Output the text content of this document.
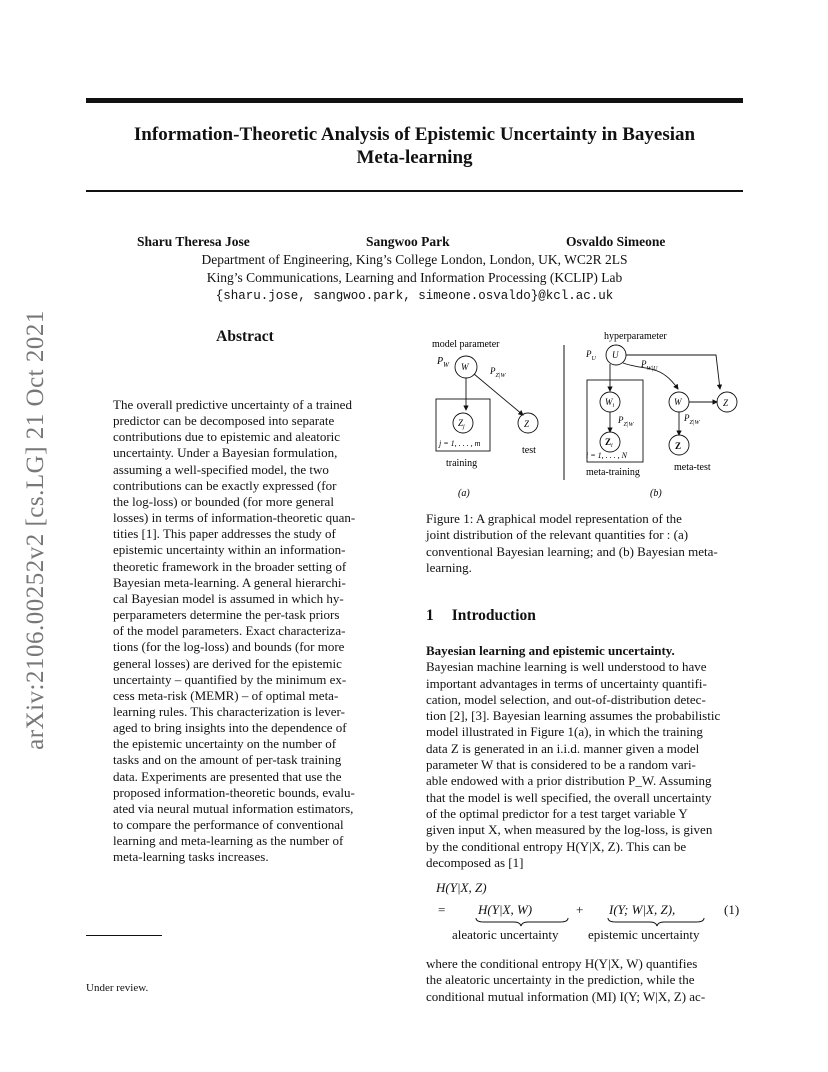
Information-Theoretic Analysis of Epistemic Uncertainty in Bayesian
Meta-learning
arXiv:2106.00252v2 [cs.LG] 21 Oct 2021
Sharu Theresa Jose	Sangwoo Park	Osvaldo Simeone
Department of Engineering, King’s College London, London, UK, WC2R 2LS
King’s Communications, Learning and Information Processing (KCLIP) Lab
{sharu.jose, sangwoo.park, simeone.osvaldo}@kcl.ac.uk
Abstract
The overall predictive uncertainty of a trained
predictor can be decomposed into separate
contributions due to epistemic and aleatoric
uncertainty. Under a Bayesian formulation,
assuming a well-specified model, the two
contributions can be exactly expressed (for
the log-loss) or bounded (for more general
losses) in terms of information-theoretic quan-
tities [1]. This paper addresses the study of
epistemic uncertainty within an information-
theoretic framework in the broader setting of
Bayesian meta-learning. A general hierarchi-
cal Bayesian model is assumed in which hy-
perparameters determine the per-task priors
of the model parameters. Exact characteriza-
tions (for the log-loss) and bounds (for more
general losses) are derived for the epistemic
uncertainty – quantified by the minimum ex-
cess meta-risk (MEMR) – of optimal meta-
learning rules. This characterization is lever-
aged to bring insights into the dependence of
the epistemic uncertainty on the number of
tasks and on the amount of per-task training
data. Experiments are presented that use the
proposed information-theoretic bounds, evalu-
ated via neural mutual information estimators,
to compare the performance of conventional
learning and meta-learning as the number of
meta-learning tasks increases.
model parameter
$P_W$ W $P_{Z|W}$
$Z_j$
j = 1, . . . , m
Z
test
training
(a)
hyperparameter
$P_U$ U
$P_{W|U}$
$W_i$
$P_{Z|W}$
$Z_i$
i = 1, . . . , N
meta-training
W
Z
Z
$P_{Z|W}$
meta-test
(b)
Figure 1: A graphical model representation of the
joint distribution of the relevant quantities for : (a)
conventional Bayesian learning; and (b) Bayesian meta-
learning.
1 Introduction
Bayesian learning and epistemic uncertainty.
Bayesian machine learning is well understood to have
important advantages in terms of uncertainty quantifi-
cation, model selection, and out-of-distribution detec-
tion [2], [3]. Bayesian learning assumes the probabilistic
model illustrated in Figure 1(a), in which the training
data Z is generated in an i.i.d. manner given a model
parameter W that is considered to be a random vari-
able endowed with a prior distribution P_W. Assuming
that the model is well specified, the overall uncertainty
of the optimal predictor for a test target variable Y
given input X, when measured by the log-loss, is given
by the conditional entropy H(Y|X, Z). This can be
decomposed as [1]
H(Y|X, Z)
=	H(Y|X, W)	+ I(Y; W|X, Z),	(1)
aleatoric uncertainty epistemic uncertainty
where the conditional entropy H(Y|X, W) quantifies
the aleatoric uncertainty in the prediction, while the
conditional mutual information (MI) I(Y; W|X, Z) ac-
Under review.
